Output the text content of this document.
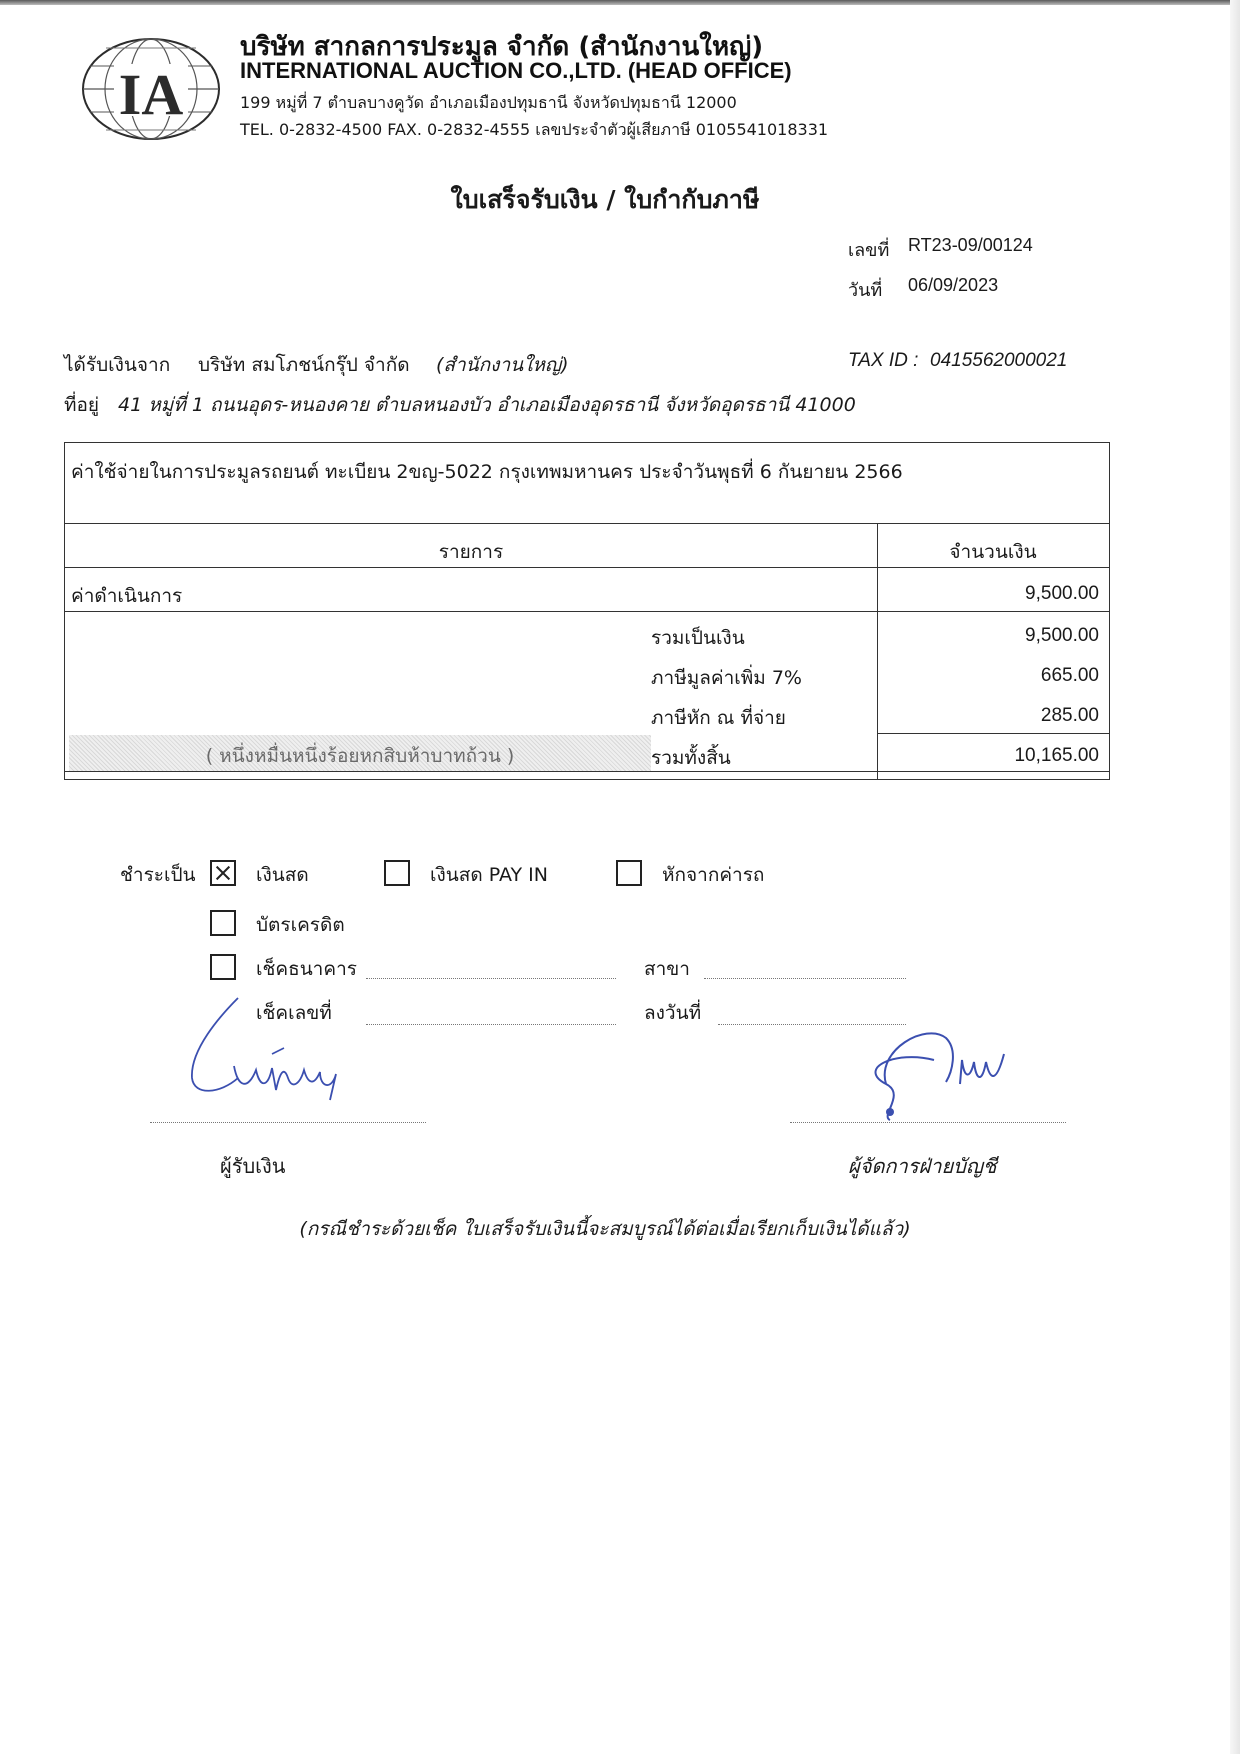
IA
บริษัท สากลการประมูล จำกัด (สำนักงานใหญ่)
INTERNATIONAL AUCTION CO.,LTD. (HEAD OFFICE)
199 หมู่ที่ 7 ตำบลบางคูวัด อำเภอเมืองปทุมธานี จังหวัดปทุมธานี 12000
TEL. 0-2832-4500 FAX. 0-2832-4555 เลขประจำตัวผู้เสียภาษี 0105541018331
ใบเสร็จรับเงิน / ใบกำกับภาษี
เลขที่ RT23-09/00124
วันที่ 06/09/2023
ได้รับเงินจาก บริษัท สมโภชน์กรุ๊ป จำกัด (สำนักงานใหญ่)	TAX ID : 0415562000021
ที่อยู่ 41 หมู่ที่ 1 ถนนอุดร-หนองคาย ตำบลหนองบัว อำเภอเมืองอุดรธานี จังหวัดอุดรธานี 41000
ค่าใช้จ่ายในการประมูลรถยนต์ ทะเบียน 2ขญ-5022 กรุงเทพมหานคร ประจำวันพุธที่ 6 กันยายน 2566
รายการ	จำนวนเงิน
ค่าดำเนินการ	9,500.00
รวมเป็นเงิน	9,500.00
ภาษีมูลค่าเพิ่ม 7%	665.00
ภาษีหัก ณ ที่จ่าย	285.00
( หนึ่งหมื่นหนึ่งร้อยหกสิบห้าบาทถ้วน )	รวมทั้งสิ้น	10,165.00
ชำระเป็น	เงินสด	เงินสด PAY IN	หักจากค่ารถ
บัตรเครดิต
เช็คธนาคาร	สาขา
เช็คเลขที่	ลงวันที่
ผู้รับเงิน	ผู้จัดการฝ่ายบัญชี
(กรณีชำระด้วยเช็ค ใบเสร็จรับเงินนี้จะสมบูรณ์ได้ต่อเมื่อเรียกเก็บเงินได้แล้ว)
